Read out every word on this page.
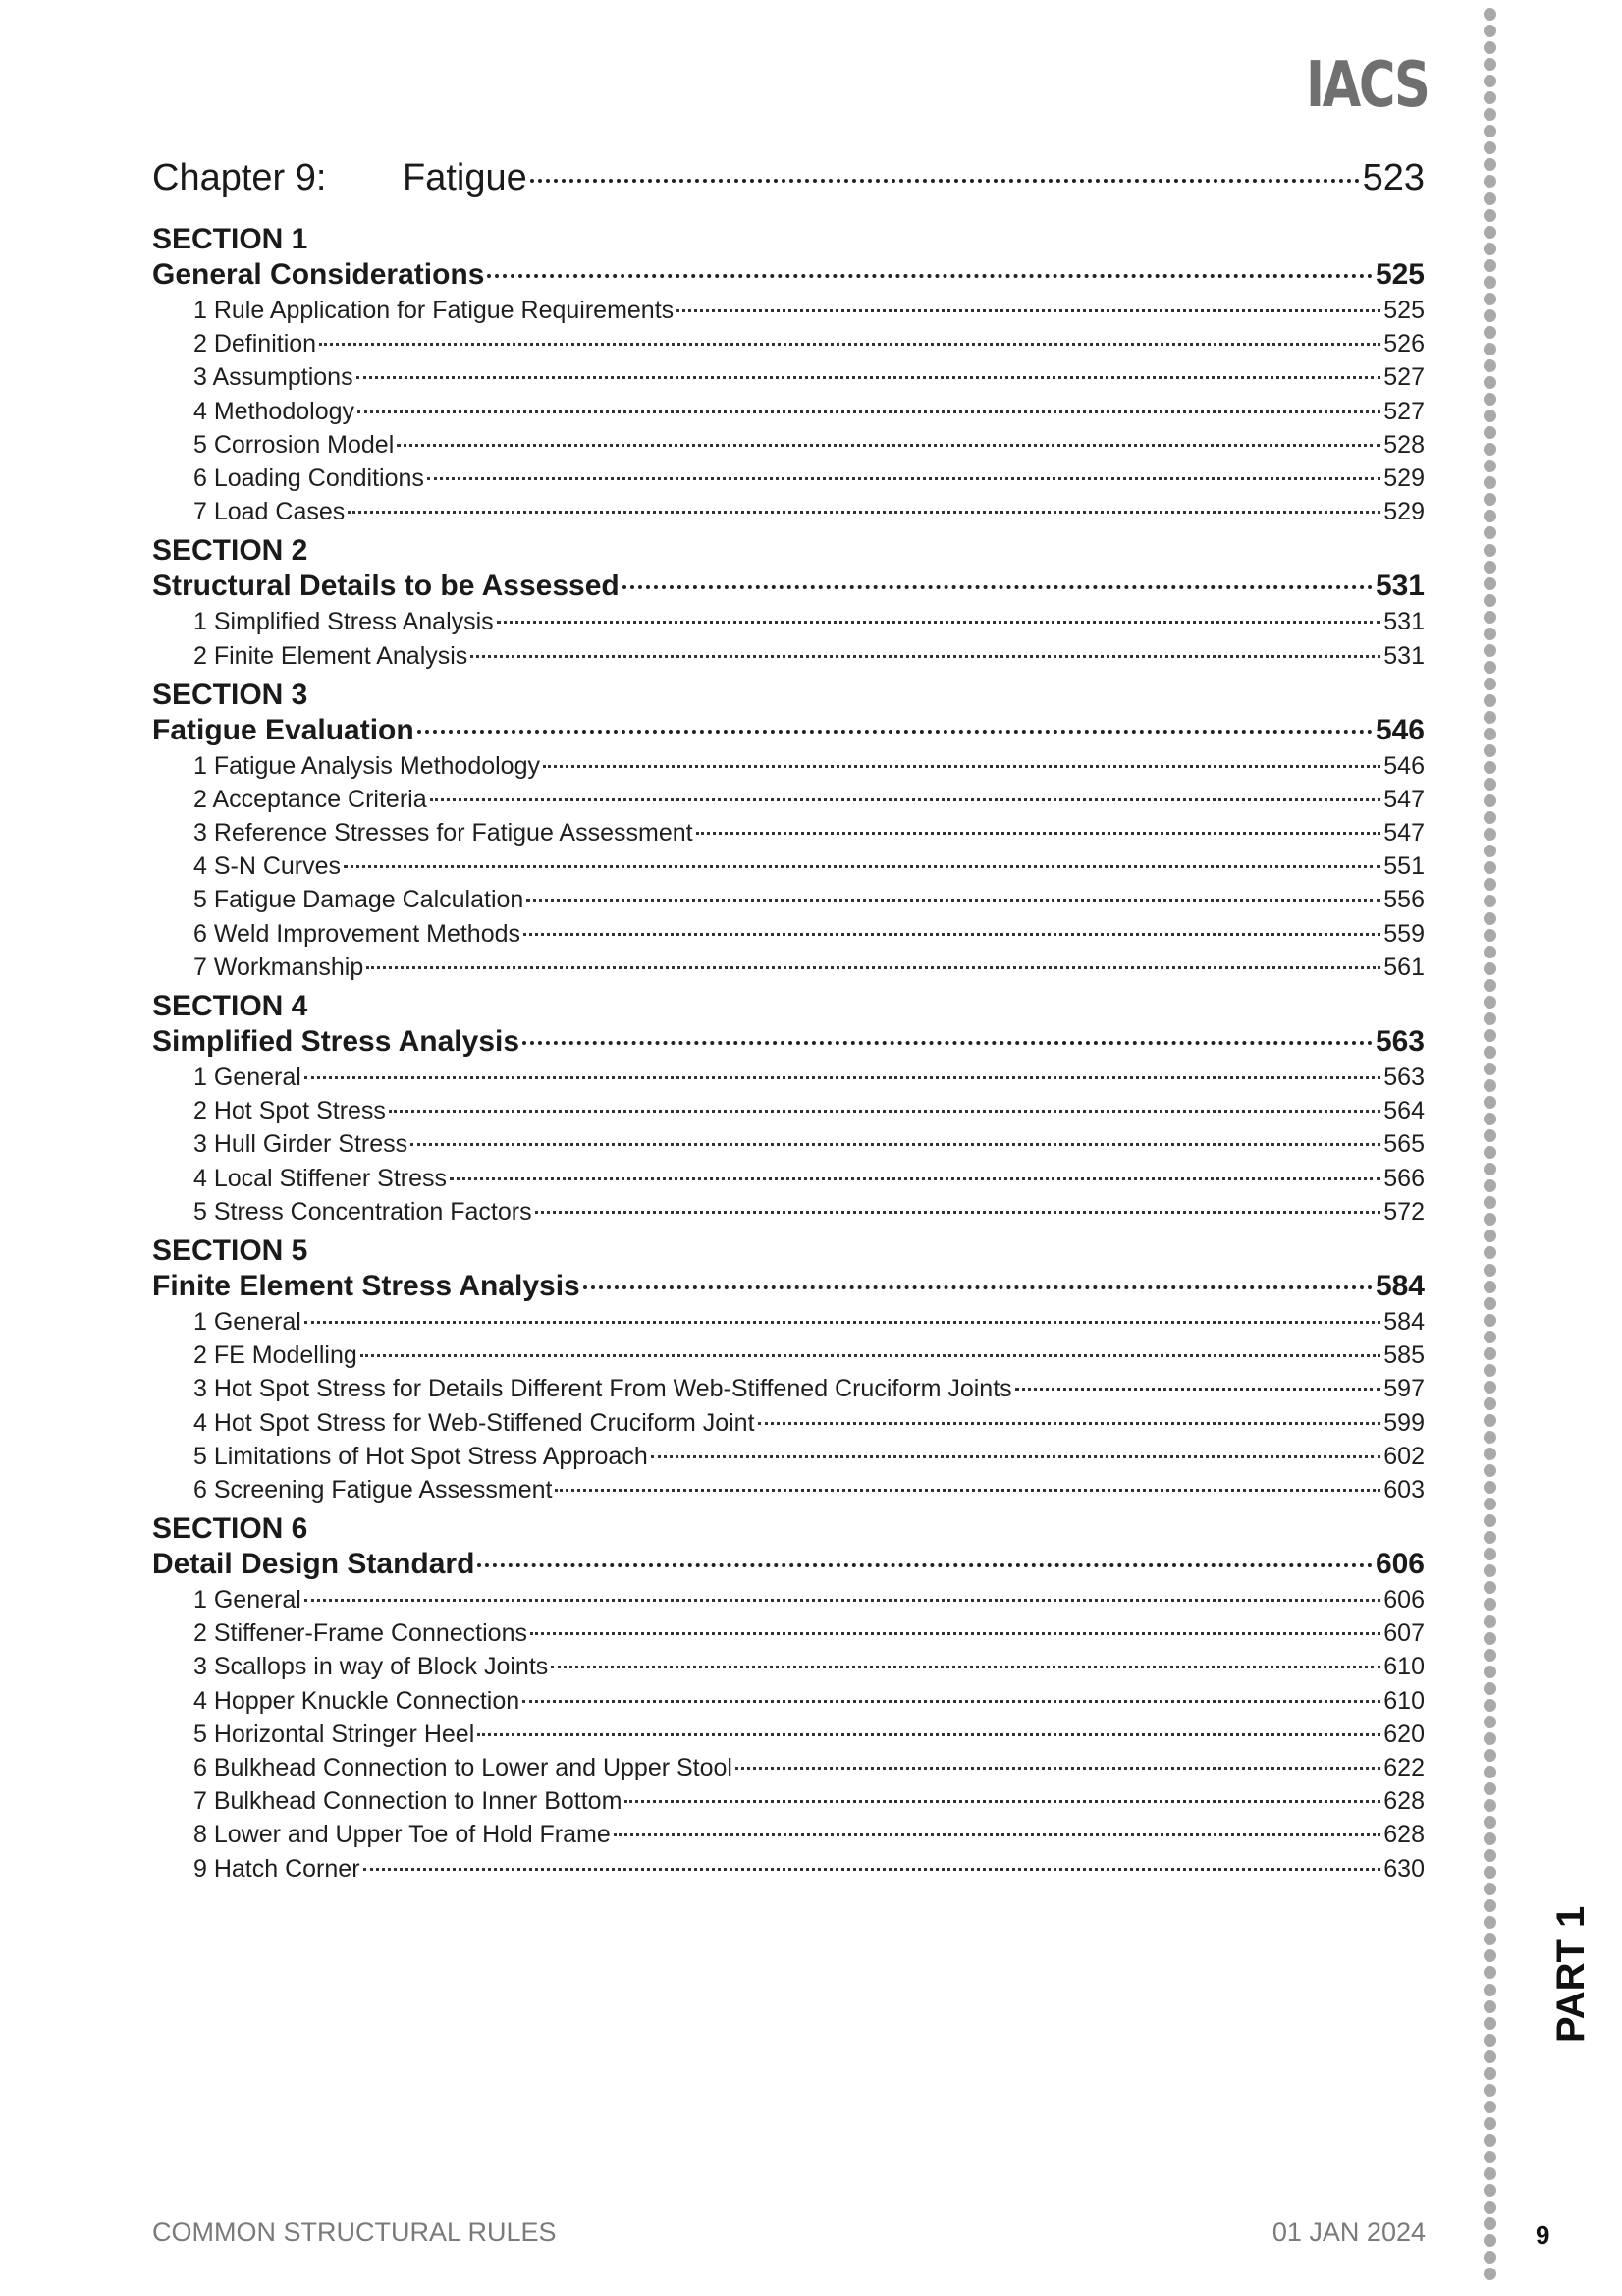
IACS
Chapter 9:	Fatigue	523
SECTION 1
General Considerations	525
1 Rule Application for Fatigue Requirements	525
2 Definition	526
3 Assumptions	527
4 Methodology	527
5 Corrosion Model	528
6 Loading Conditions	529
7 Load Cases	529
SECTION 2
Structural Details to be Assessed	531
1 Simplified Stress Analysis	531
2 Finite Element Analysis	531
SECTION 3
Fatigue Evaluation	546
1 Fatigue Analysis Methodology	546
2 Acceptance Criteria	547
3 Reference Stresses for Fatigue Assessment	547
4 S-N Curves	551
5 Fatigue Damage Calculation	556
6 Weld Improvement Methods	559
7 Workmanship	561
SECTION 4
Simplified Stress Analysis	563
1 General	563
2 Hot Spot Stress	564
3 Hull Girder Stress	565
4 Local Stiffener Stress	566
5 Stress Concentration Factors	572
SECTION 5
Finite Element Stress Analysis	584
1 General	584
2 FE Modelling	585
3 Hot Spot Stress for Details Different From Web-Stiffened Cruciform Joints	597
4 Hot Spot Stress for Web-Stiffened Cruciform Joint	599
5 Limitations of Hot Spot Stress Approach	602
6 Screening Fatigue Assessment	603
SECTION 6
Detail Design Standard	606
1 General	606
2 Stiffener-Frame Connections	607
3 Scallops in way of Block Joints	610
4 Hopper Knuckle Connection	610
5 Horizontal Stringer Heel	620
6 Bulkhead Connection to Lower and Upper Stool	622
7 Bulkhead Connection to Inner Bottom	628
8 Lower and Upper Toe of Hold Frame	628
9 Hatch Corner	630
PART 1
COMMON STRUCTURAL RULES	01 JAN 2024	9
